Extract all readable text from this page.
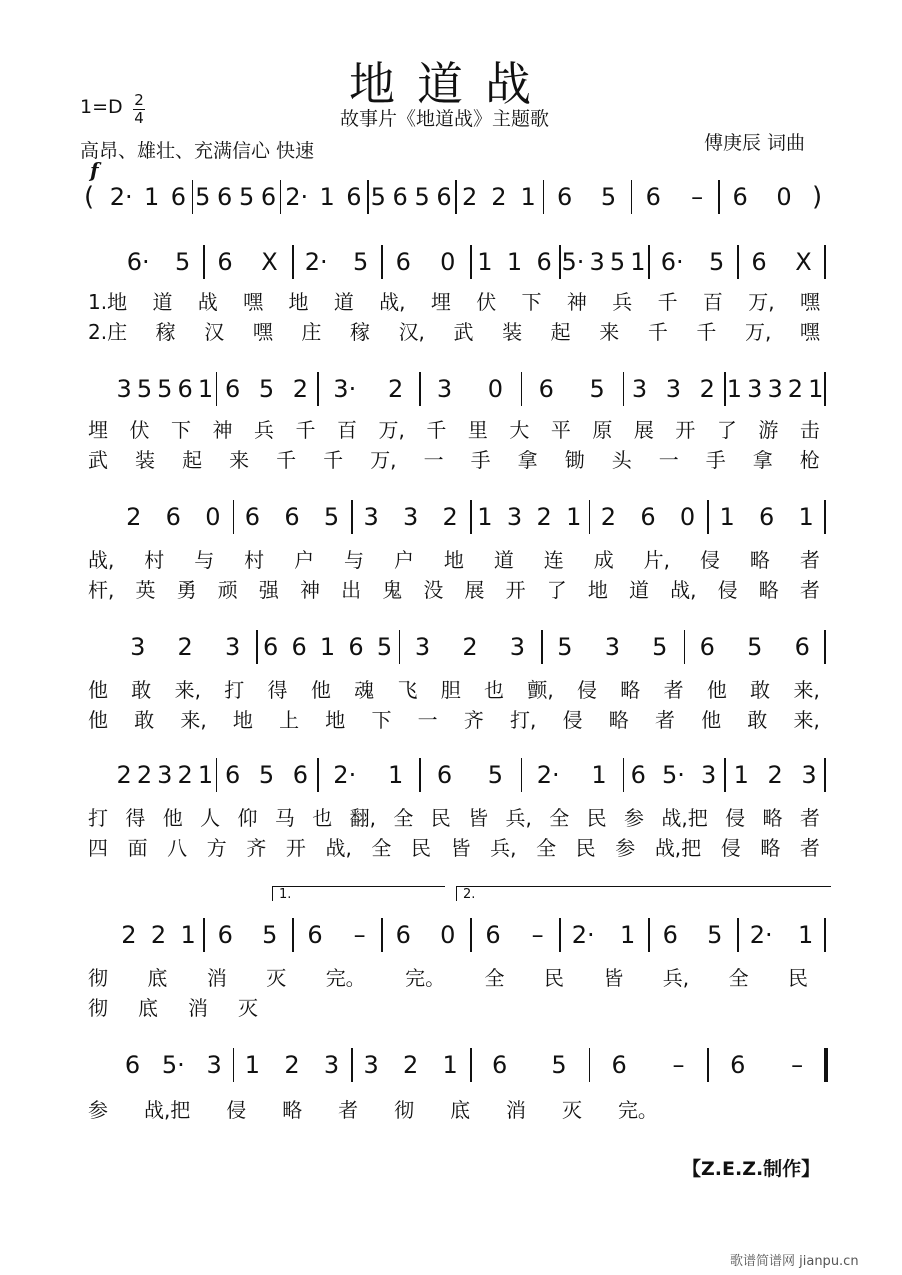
地道战
1=D 2
4	故事片《地道战》主题歌
高昂、雄壮、充满信心 快速	傅庚辰 词曲
f
(	)
2· 1 6 5 6 5 6 2· 1 6 5 6 5 6 2 2 1 6 5 6 – 6 0
6· 5 6 X 2· 5 6 0 1 1 6 5· 3 5 1 6· 5 6 X
3 5 5 6 1 6 5 2 3· 2 3 0 6 5 3 3 2 1 3 3 2 1
2 6 0 6 6 5 3 3 2 1 3 2 1 2 6 0 1 6 1
3 2 3 6 6 1 6 5 3 2 3 5 3 5 6 5 6
2 2 3 2 1 6 5 6 2· 1 6 5 2· 1 6 5· 3 1 2 3
1.	2.
2 2 1 6 5 6 – 6 0 6 – 2· 1 6 5 2· 1
6 5· 3 1 2 3 3 2 1 6 5 6 – 6 –
1.地 道 战 嘿 地 道 战, 埋 伏 下 神 兵 千 百 万, 嘿
2.庄 稼 汉 嘿 庄 稼 汉, 武 装 起 来 千 千 万, 嘿
埋 伏 下 神 兵 千 百 万, 千 里 大 平 原 展 开 了 游 击
武 装 起 来 千 千 万, 一 手 拿 锄 头 一 手 拿 枪
战, 村 与 村 户 与 户 地 道 连 成 片, 侵 略 者
杆, 英 勇 顽 强 神 出 鬼 没 展 开 了 地 道 战, 侵 略 者
他 敢 来, 打 得 他 魂 飞 胆 也 颤, 侵 略 者 他 敢 来,
他 敢 来, 地 上 地 下 一 齐 打, 侵 略 者 他 敢 来,
打 得 他 人 仰 马 也 翻, 全 民 皆 兵, 全 民 参 战,把 侵 略 者
四 面 八 方 齐 开 战, 全 民 皆 兵, 全 民 参 战,把 侵 略 者
彻 底 消 灭 完。 完。 全 民 皆 兵, 全 民
彻 底 消 灭
参 战,把 侵 略 者 彻 底 消 灭 完。
【Z.E.Z.制作】
歌谱简谱网 jianpu.cn
